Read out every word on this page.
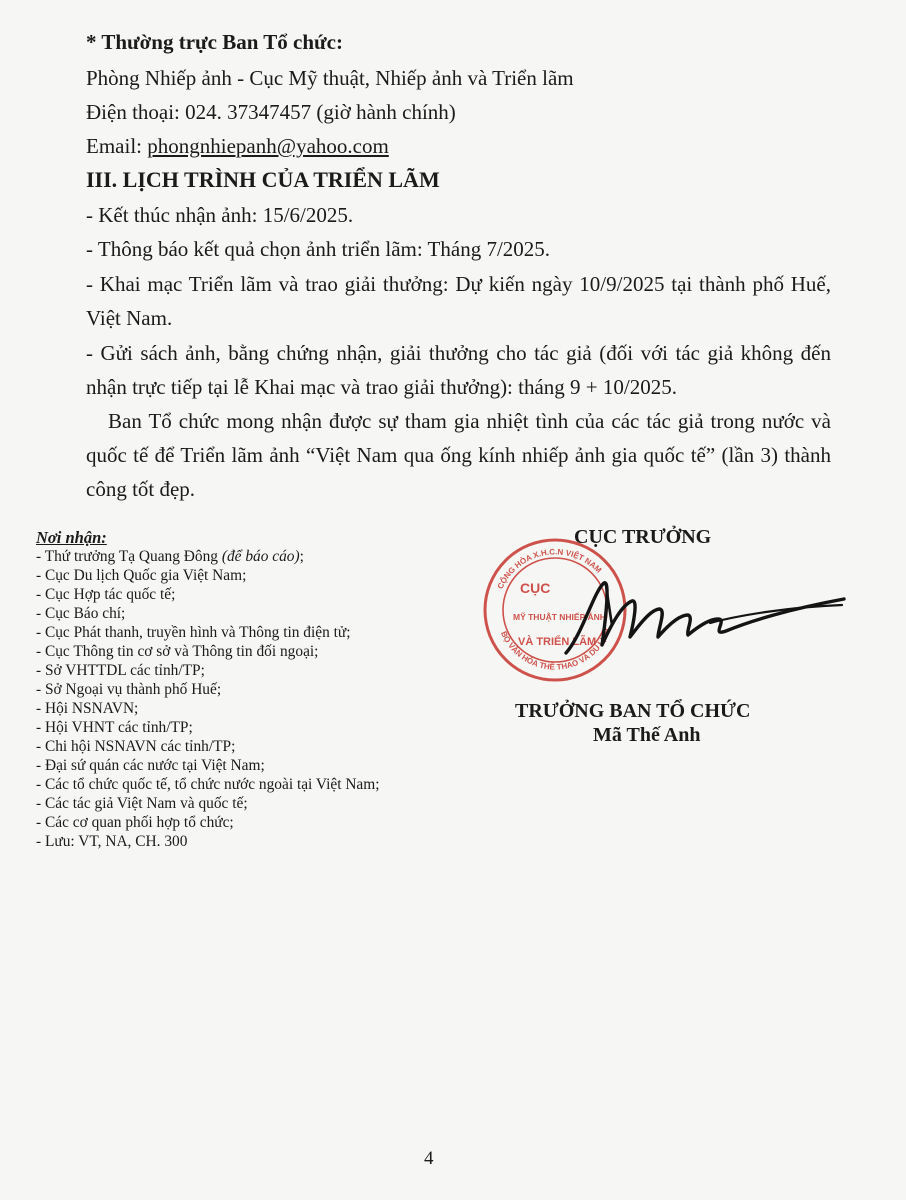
* Thường trực Ban Tổ chức:
Phòng Nhiếp ảnh - Cục Mỹ thuật, Nhiếp ảnh và Triển lãm
Điện thoại: 024. 37347457 (giờ hành chính)
Email: phongnhiepanh@yahoo.com
III. LỊCH TRÌNH CỦA TRIỂN LÃM
- Kết thúc nhận ảnh: 15/6/2025.
- Thông báo kết quả chọn ảnh triển lãm: Tháng 7/2025.
- Khai mạc Triển lãm và trao giải thưởng: Dự kiến ngày 10/9/2025 tại thành phố Huế, Việt Nam.
- Gửi sách ảnh, bằng chứng nhận, giải thưởng cho tác giả (đối với tác giả không đến nhận trực tiếp tại lễ Khai mạc và trao giải thưởng): tháng 9 + 10/2025.
Ban Tổ chức mong nhận được sự tham gia nhiệt tình của các tác giả trong nước và quốc tế để Triển lãm ảnh “Việt Nam qua ống kính nhiếp ảnh gia quốc tế” (lần 3) thành công tốt đẹp.
Nơi nhận:
- Thứ trưởng Tạ Quang Đông (để báo cáo);
- Cục Du lịch Quốc gia Việt Nam;
- Cục Hợp tác quốc tế;
- Cục Báo chí;
- Cục Phát thanh, truyền hình và Thông tin điện tử;
- Cục Thông tin cơ sở và Thông tin đối ngoại;
- Sở VHTTDL các tỉnh/TP;
- Sở Ngoại vụ thành phố Huế;
- Hội NSNAVN;
- Hội VHNT các tỉnh/TP;
- Chi hội NSNAVN các tỉnh/TP;
- Đại sứ quán các nước tại Việt Nam;
- Các tổ chức quốc tế, tổ chức nước ngoài tại Việt Nam;
- Các tác giả Việt Nam và quốc tế;
- Các cơ quan phối hợp tổ chức;
- Lưu: VT, NA, CH. 300
CỤC TRƯỞNG
CỤC
MỸ THUẬT NHIẾP ẢNH
VÀ TRIỂN LÃM
CỘNG HÒA X.H.C.N VIỆT NAM
BỘ VĂN HÓA THỂ THAO VÀ DU LỊCH
TRƯỞNG BAN TỔ CHỨC
Mã Thế Anh
4
